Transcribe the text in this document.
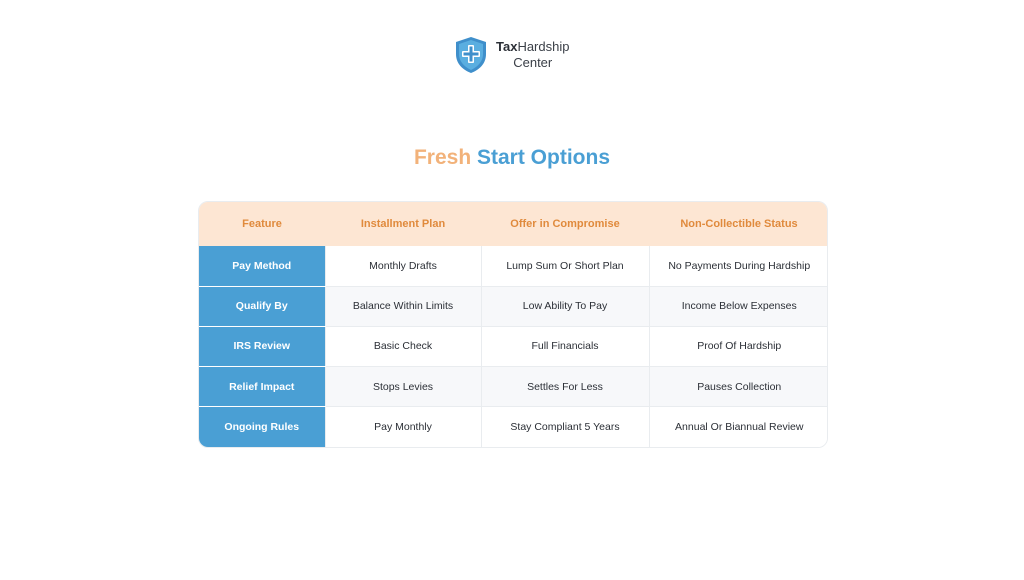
TaxHardship
Center
Fresh Start Options
Feature	Installment Plan	Offer in Compromise	Non-Collectible Status
Pay Method	Monthly Drafts	Lump Sum Or Short Plan	No Payments During Hardship
Qualify By	Balance Within Limits	Low Ability To Pay	Income Below Expenses
IRS Review	Basic Check	Full Financials	Proof Of Hardship
Relief Impact	Stops Levies	Settles For Less	Pauses Collection
Ongoing Rules	Pay Monthly	Stay Compliant 5 Years	Annual Or Biannual Review
